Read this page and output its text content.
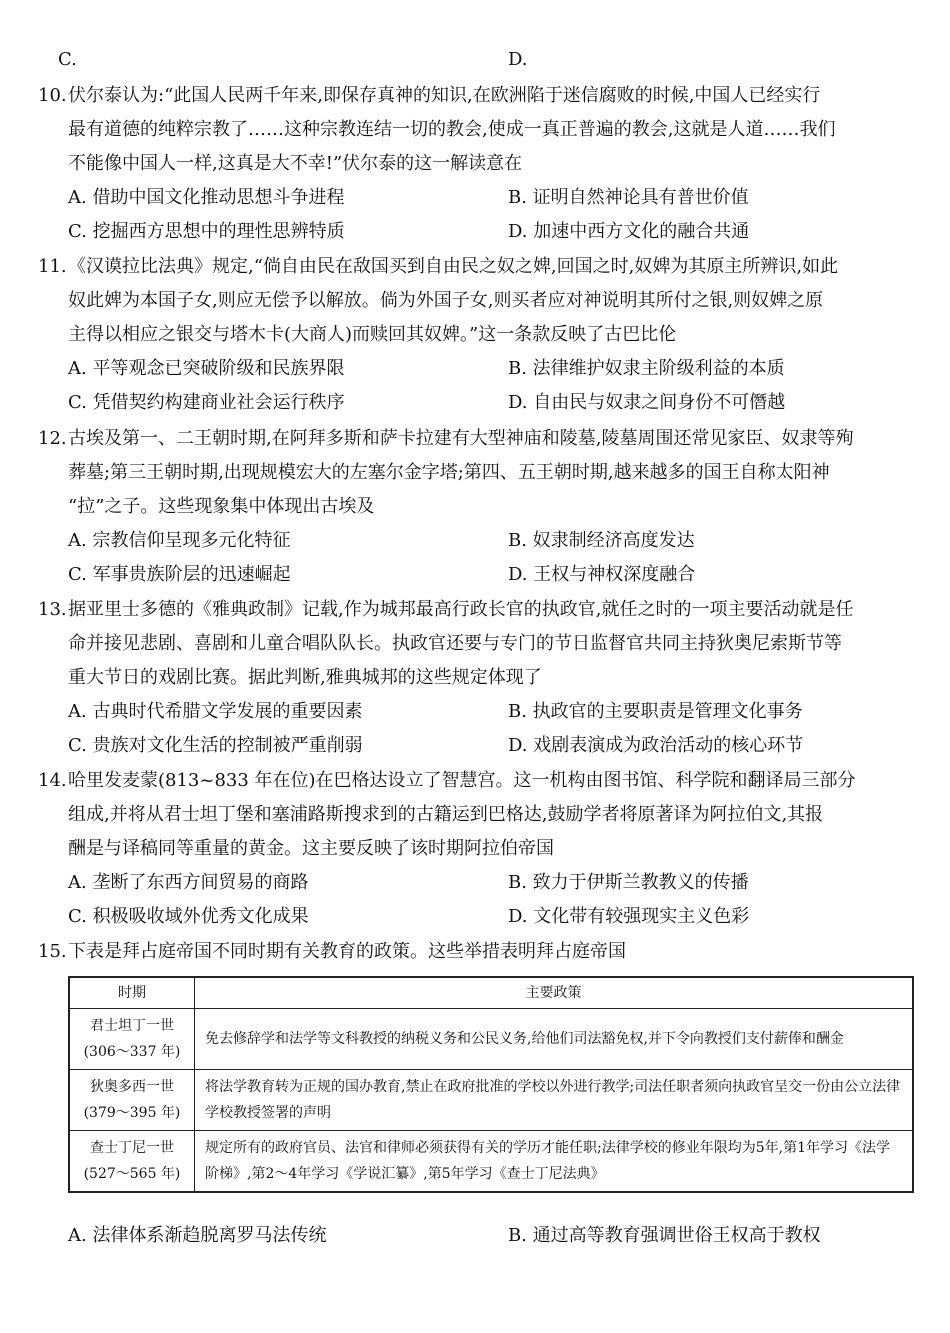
C.	D.
10. 伏尔泰认为:“此国人民两千年来,即保存真神的知识,在欧洲陷于迷信腐败的时候,中国人已经实行
最有道德的纯粹宗教了……这种宗教连结一切的教会,使成一真正普遍的教会,这就是人道……我们
不能像中国人一样,这真是大不幸!”伏尔泰的这一解读意在
A. 借助中国文化推动思想斗争进程	B. 证明自然神论具有普世价值
C. 挖掘西方思想中的理性思辨特质	D. 加速中西方文化的融合共通
11. 《汉谟拉比法典》规定,“倘自由民在敌国买到自由民之奴之婢,回国之时,奴婢为其原主所辨识,如此
奴此婢为本国子女,则应无偿予以解放。倘为外国子女,则买者应对神说明其所付之银,则奴婢之原
主得以相应之银交与塔木卡(大商人)而赎回其奴婢。”这一条款反映了古巴比伦
A. 平等观念已突破阶级和民族界限	B. 法律维护奴隶主阶级利益的本质
C. 凭借契约构建商业社会运行秩序	D. 自由民与奴隶之间身份不可僭越
12. 古埃及第一、二王朝时期,在阿拜多斯和萨卡拉建有大型神庙和陵墓,陵墓周围还常见家臣、奴隶等殉
葬墓;第三王朝时期,出现规模宏大的左塞尔金字塔;第四、五王朝时期,越来越多的国王自称太阳神
“拉”之子。这些现象集中体现出古埃及
A. 宗教信仰呈现多元化特征	B. 奴隶制经济高度发达
C. 军事贵族阶层的迅速崛起	D. 王权与神权深度融合
13. 据亚里士多德的《雅典政制》记载,作为城邦最高行政长官的执政官,就任之时的一项主要活动就是任
命并接见悲剧、喜剧和儿童合唱队队长。执政官还要与专门的节日监督官共同主持狄奥尼索斯节等
重大节日的戏剧比赛。据此判断,雅典城邦的这些规定体现了
A. 古典时代希腊文学发展的重要因素	B. 执政官的主要职责是管理文化事务
C. 贵族对文化生活的控制被严重削弱	D. 戏剧表演成为政治活动的核心环节
14. 哈里发麦蒙(813~833 年在位)在巴格达设立了智慧宫。这一机构由图书馆、科学院和翻译局三部分
组成,并将从君士坦丁堡和塞浦路斯搜求到的古籍运到巴格达,鼓励学者将原著译为阿拉伯文,其报
酬是与译稿同等重量的黄金。这主要反映了该时期阿拉伯帝国
A. 垄断了东西方间贸易的商路	B. 致力于伊斯兰教教义的传播
C. 积极吸收域外优秀文化成果	D. 文化带有较强现实主义色彩
15. 下表是拜占庭帝国不同时期有关教育的政策。这些举措表明拜占庭帝国
时期	主要政策

君士坦丁一世
(306～337 年)	免去修辞学和法学等文科教授的纳税义务和公民义务,给他们司法豁免权,并下令向教授们支付薪俸和酬金

狄奥多西一世
(379～395 年)	将法学教育转为正规的国办教育,禁止在政府批准的学校以外进行教学;司法任职者须向执政官呈交一份由公立法律学校教授签署的声明

查士丁尼一世
(527～565 年)	规定所有的政府官员、法官和律师必须获得有关的学历才能任职;法律学校的修业年限均为5年,第1年学习《法学阶梯》,第2～4年学习《学说汇纂》,第5年学习《查士丁尼法典》
A. 法律体系渐趋脱离罗马法传统	B. 通过高等教育强调世俗王权高于教权
